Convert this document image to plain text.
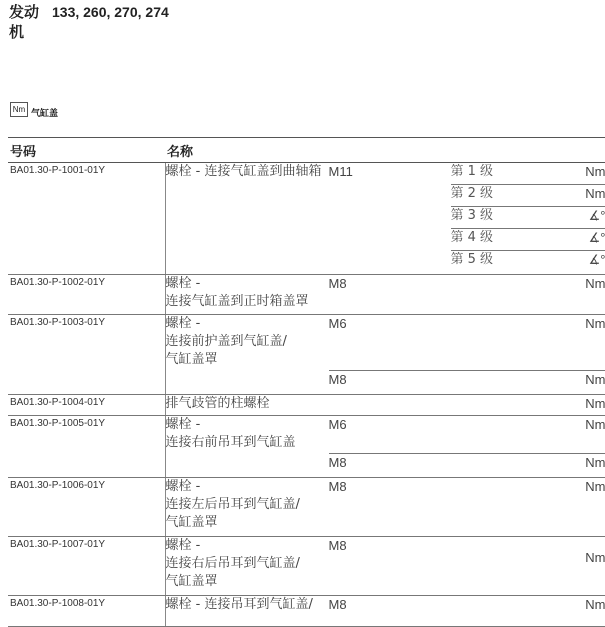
发动机
133, 260, 270, 274
Nm 气缸盖
号码	名称

BA01.30-P-1001-01Y
		螺栓 - 连接气缸盖到曲轴箱	M11	第 1 级	Nm
第 2 级	Nm
第 3 级	∡°
第 4 级	∡°
第 5 级	∡°

BA01.30-P-1002-01Y
		螺栓 -
连接气缸盖到正时箱盖罩
	M8		Nm

BA01.30-P-1003-01Y
		螺栓 -
连接前护盖到气缸盖/
气缸盖罩
	M6		Nm
M8		Nm

BA01.30-P-1004-01Y
		排气歧管的柱螺栓			Nm

BA01.30-P-1005-01Y
		螺栓 -
连接右前吊耳到气缸盖
	M6		Nm
M8		Nm

BA01.30-P-1006-01Y
		螺栓 -
连接左后吊耳到气缸盖/
气缸盖罩
	M8		Nm

BA01.30-P-1007-01Y
		螺栓 -
连接右后吊耳到气缸盖/
气缸盖罩
	M8		Nm

BA01.30-P-1008-01Y
		螺栓 - 连接吊耳到气缸盖/	M8		Nm
